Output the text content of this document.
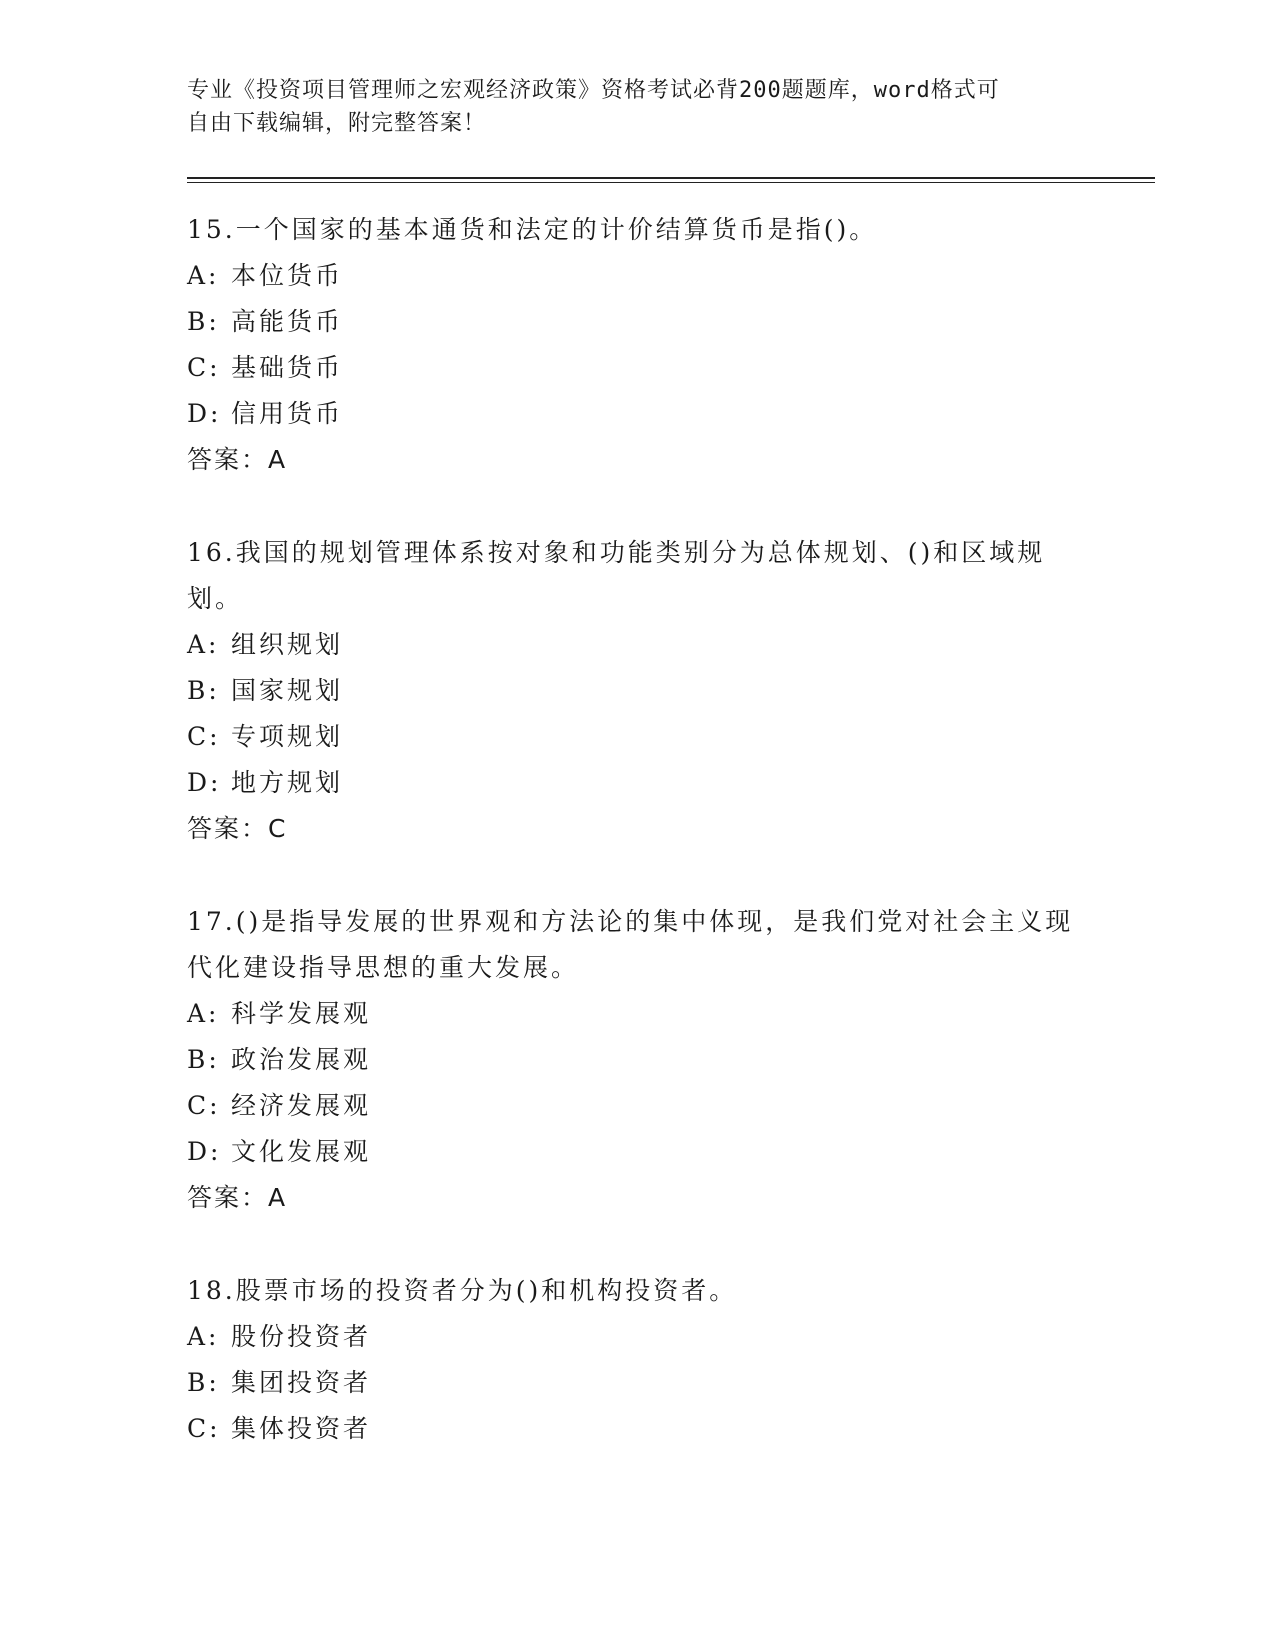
专业《投资项目管理师之宏观经济政策》资格考试必背200题题库，word格式可
自由下载编辑，附完整答案！
15.一个国家的基本通货和法定的计价结算货币是指()。
A: 本位货币
B: 高能货币
C: 基础货币
D: 信用货币
答案：A
16.我国的规划管理体系按对象和功能类别分为总体规划、()和区域规划。
A: 组织规划
B: 国家规划
C: 专项规划
D: 地方规划
答案：C
17.()是指导发展的世界观和方法论的集中体现，是我们党对社会主义现代化建设指导思想的重大发展。
A: 科学发展观
B: 政治发展观
C: 经济发展观
D: 文化发展观
答案：A
18.股票市场的投资者分为()和机构投资者。
A: 股份投资者
B: 集团投资者
C: 集体投资者
